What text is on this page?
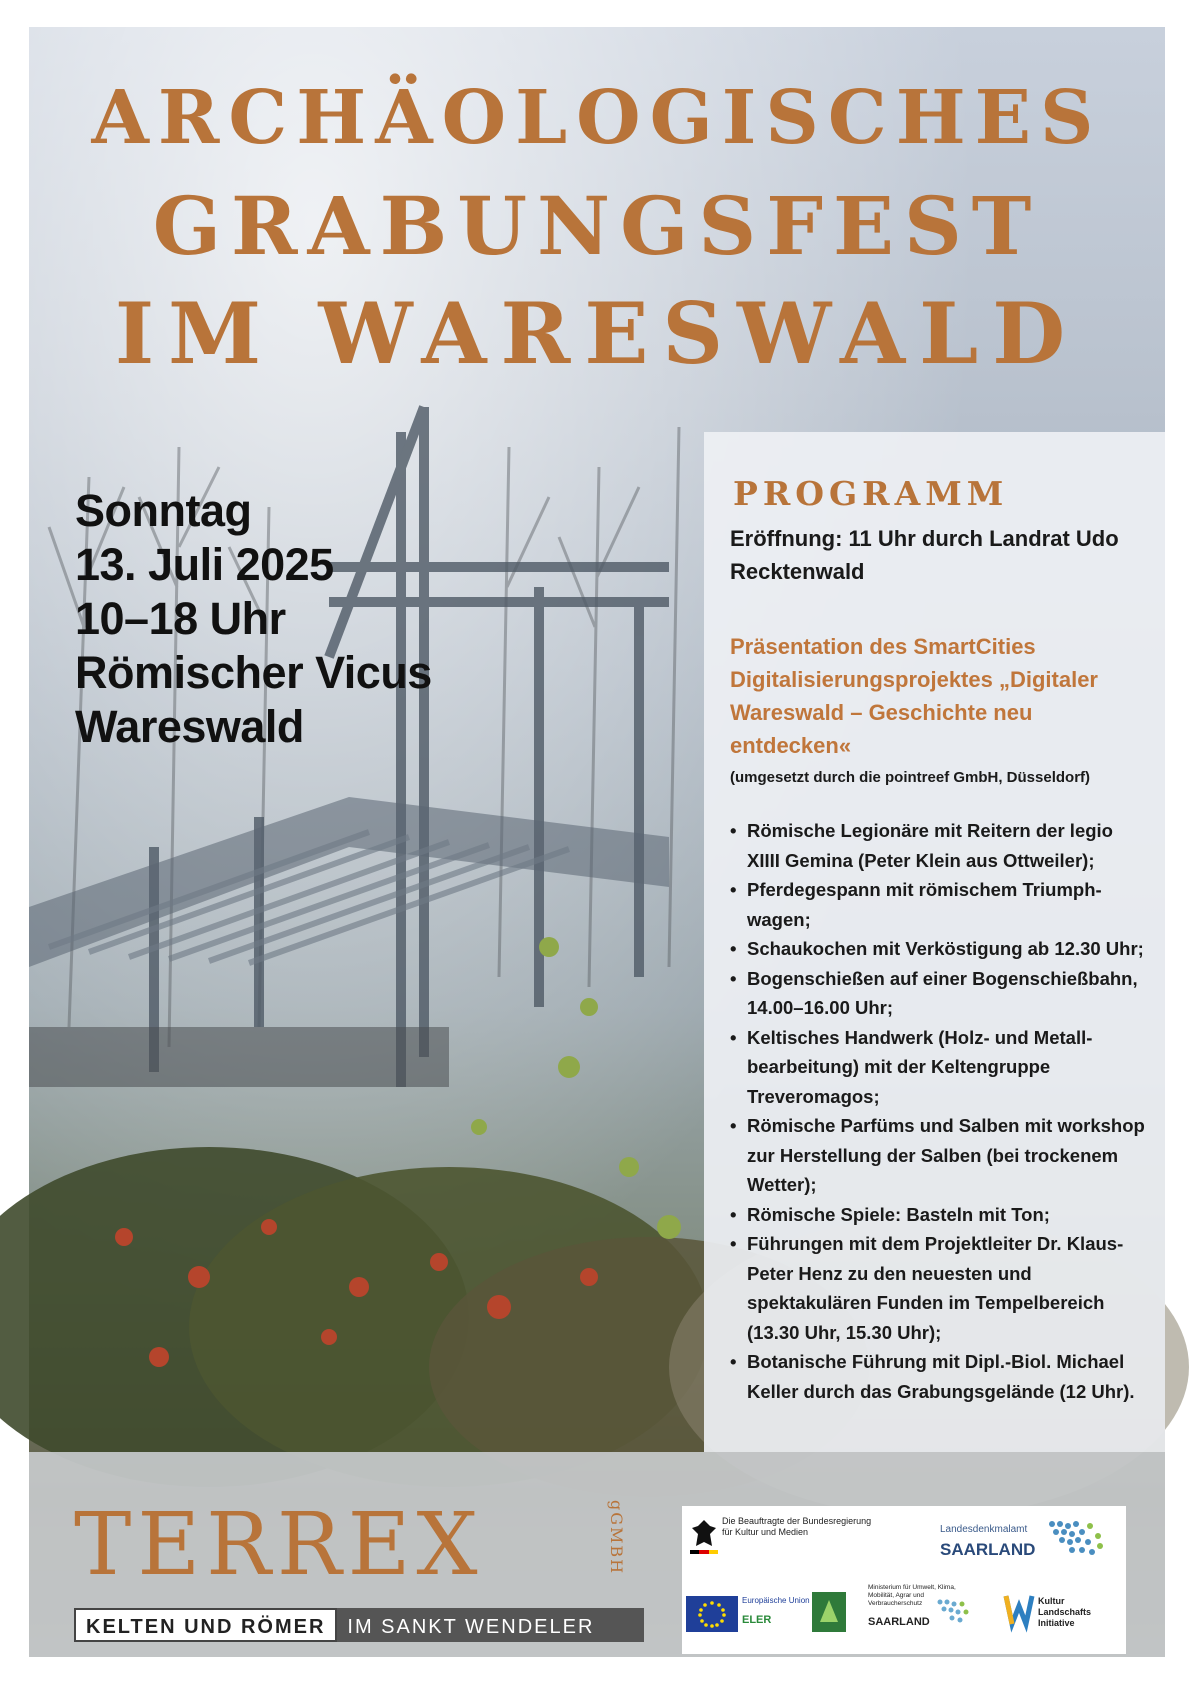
ARCHÄOLOGISCHES
GRABUNGSFEST
IM WARESWALD

Sonntag

13. Juli 2025

10–18 Uhr

Römischer Vicus

Wareswald

PROGRAMM

Eröffnung: 11 Uhr durch Landrat Udo Recktenwald

Präsentation des SmartCities Digitalisierungsprojektes „Digitaler Wareswald – Geschichte neu entdecken«

(umgesetzt durch die pointreef GmbH, Düsseldorf)

• Römische Legionäre mit Reitern der legio XIIII Gemina (Peter Klein aus Ottweiler);
• Pferdegespann mit römischem Triumphwagen;
• Schaukochen mit Verköstigung ab 12.30 Uhr;
• Bogenschießen auf einer Bogenschießbahn, 14.00–16.00 Uhr;
• Keltisches Handwerk (Holz- und Metallbearbeitung) mit der Keltengruppe Treveromagos;
• Römische Parfüms und Salben mit workshop zur Herstellung der Salben (bei trockenem Wetter);
• Römische Spiele: Basteln mit Ton;
• Führungen mit dem Projektleiter Dr. Klaus-Peter Henz zu den neuesten und spektakulären Funden im Tempelbereich (13.30 Uhr, 15.30 Uhr);
• Botanische Führung mit Dipl.-Biol. Michael Keller durch das Grabungsgelände (12 Uhr).

TERREX	gGMBH
KELTEN UND RÖMER	IM SANKT WENDELER LAND

Die Beauftragte der Bundesregierung für Kultur und Medien	Landesdenkmalamt

SAARLAND

Europäische Union

ELER

Ministerium für Umwelt, Klima, Mobilität, Agrar und Verbraucherschutz

SAARLAND

Kultur Landschafts Initiative
